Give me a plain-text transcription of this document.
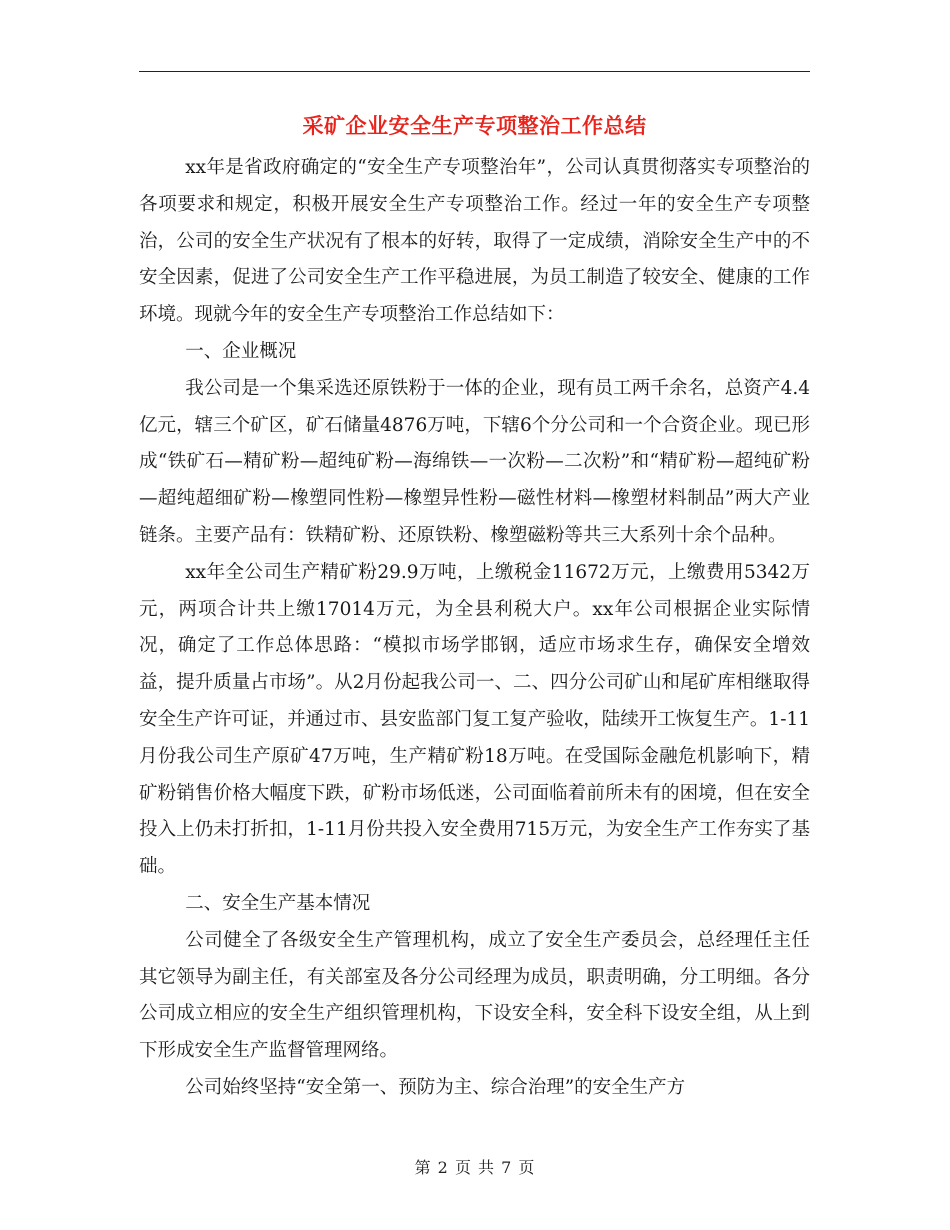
采矿企业安全生产专项整治工作总结

xx年是省政府确定的“安全生产专项整治年”，公司认真贯彻落实专项整治的各项要求和规定，积极开展安全生产专项整治工作。经过一年的安全生产专项整治，公司的安全生产状况有了根本的好转，取得了一定成绩，消除安全生产中的不安全因素，促进了公司安全生产工作平稳进展，为员工制造了较安全、健康的工作环境。现就今年的安全生产专项整治工作总结如下：

一、企业概况

我公司是一个集采选还原铁粉于一体的企业，现有员工两千余名，总资产4.4亿元，辖三个矿区，矿石储量4876万吨，下辖6个分公司和一个合资企业。现已形成“铁矿石—精矿粉—超纯矿粉—海绵铁—一次粉—二次粉”和“精矿粉—超纯矿粉—超纯超细矿粉—橡塑同性粉—橡塑异性粉—磁性材料—橡塑材料制品”两大产业链条。主要产品有：铁精矿粉、还原铁粉、橡塑磁粉等共三大系列十余个品种。

xx年全公司生产精矿粉29.9万吨，上缴税金11672万元，上缴费用5342万元，两项合计共上缴17014万元，为全县利税大户。xx年公司根据企业实际情况，确定了工作总体思路：“模拟市场学邯钢，适应市场求生存，确保安全增效益，提升质量占市场”。从2月份起我公司一、二、四分公司矿山和尾矿库相继取得安全生产许可证，并通过市、县安监部门复工复产验收，陆续开工恢复生产。1-11月份我公司生产原矿47万吨，生产精矿粉18万吨。在受国际金融危机影响下，精矿粉销售价格大幅度下跌，矿粉市场低迷，公司面临着前所未有的困境，但在安全投入上仍未打折扣，1-11月份共投入安全费用715万元，为安全生产工作夯实了基础。

二、安全生产基本情况

公司健全了各级安全生产管理机构，成立了安全生产委员会，总经理任主任其它领导为副主任，有关部室及各分公司经理为成员，职责明确，分工明细。各分公司成立相应的安全生产组织管理机构，下设安全科，安全科下设安全组，从上到下形成安全生产监督管理网络。

公司始终坚持“安全第一、预防为主、综合治理”的安全生产方

第 2 页 共 7 页
